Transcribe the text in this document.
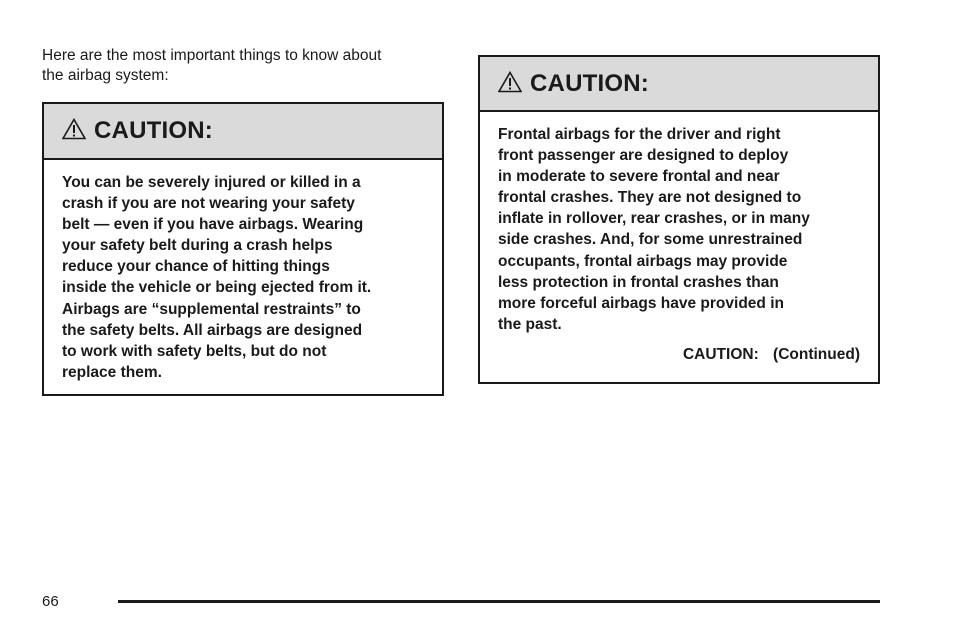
Here are the most important things to know about
the airbag system:

CAUTION:
You can be severely injured or killed in a
crash if you are not wearing your safety
belt — even if you have airbags. Wearing
your safety belt during a crash helps
reduce your chance of hitting things
inside the vehicle or being ejected from it.
Airbags are “supplemental restraints” to
the safety belts. All airbags are designed
to work with safety belts, but do not
replace them.
CAUTION:
Frontal airbags for the driver and right
front passenger are designed to deploy
in moderate to severe frontal and near
frontal crashes. They are not designed to
inflate in rollover, rear crashes, or in many
side crashes. And, for some unrestrained
occupants, frontal airbags may provide
less protection in frontal crashes than
more forceful airbags have provided in
the past.
CAUTION: (Continued)
66
